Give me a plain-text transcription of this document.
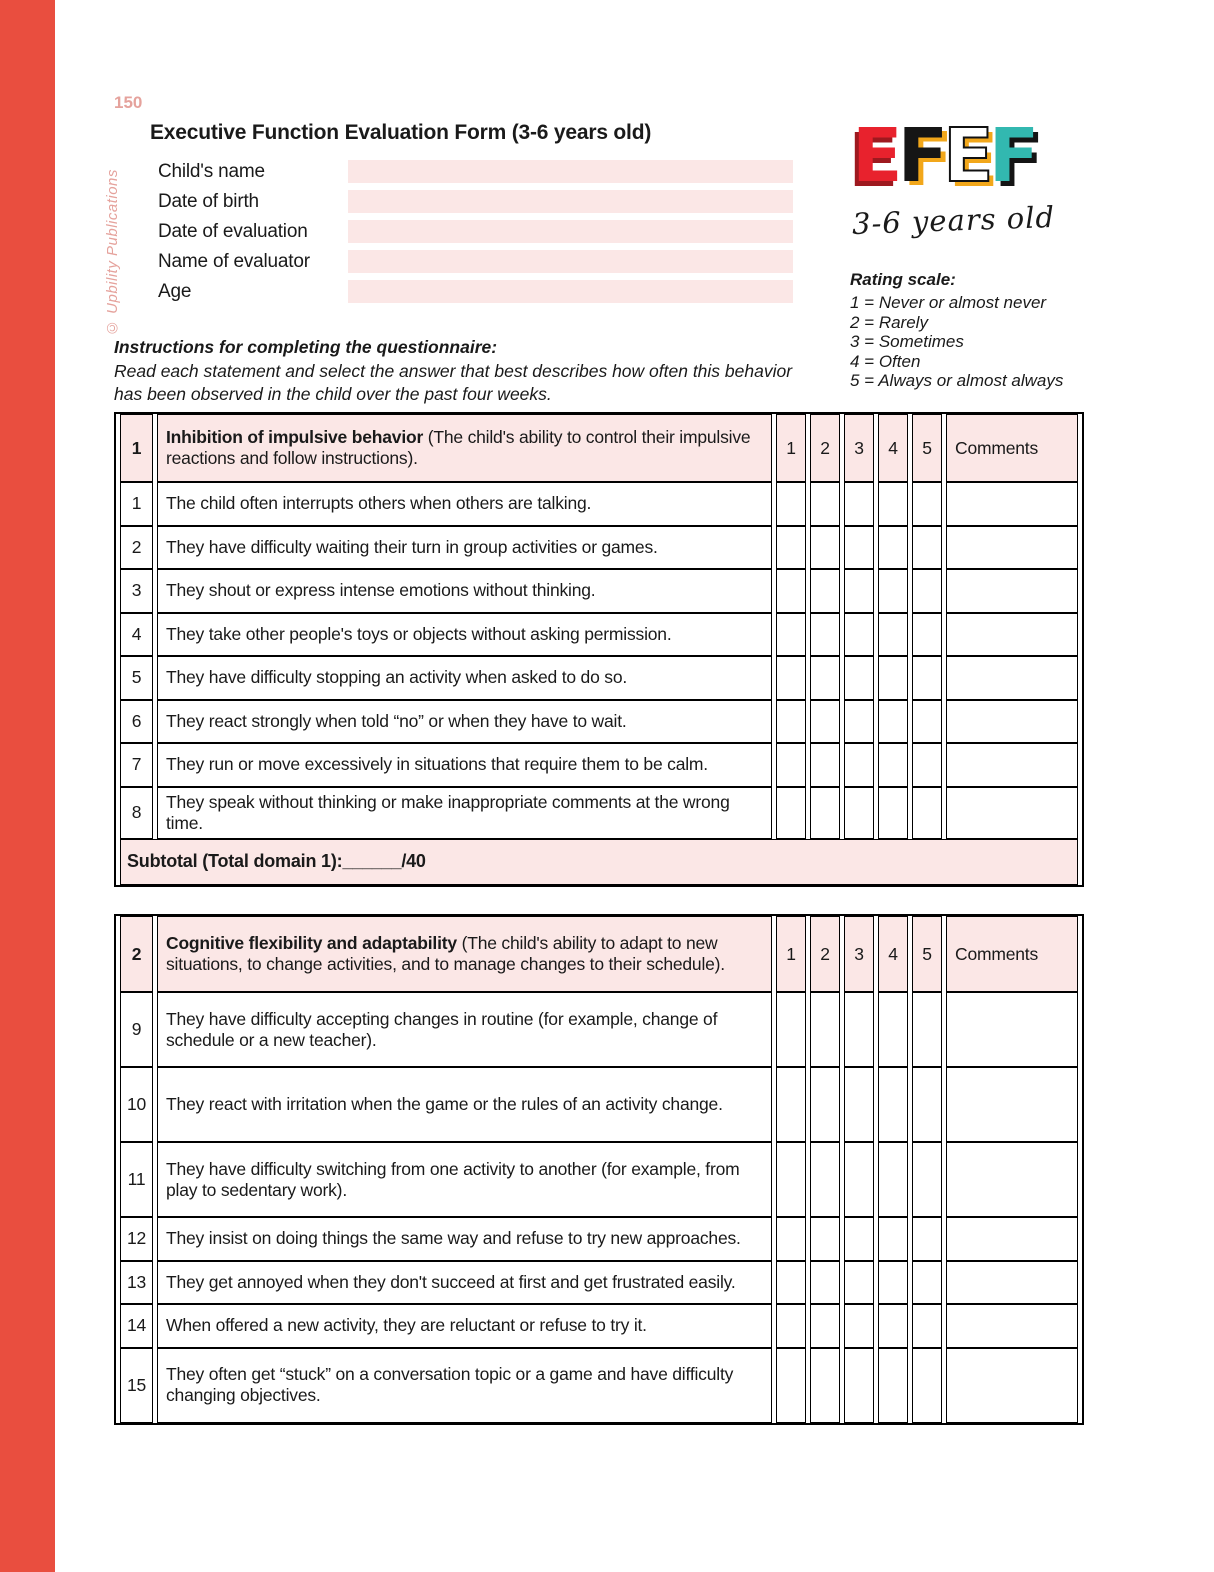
150
© Upbility Publications
Executive Function Evaluation Form (3-6 years old)
Child's name
Date of birth
Date of evaluation
Name of evaluator
Age
EFEF
3-6 years old
Rating scale:
1 = Never or almost never
2 = Rarely
3 = Sometimes
4 = Often
5 = Always or almost always
Instructions for completing the questionnaire:
Read each statement and select the answer that best describes how often this behavior has been observed in the child over the past four weeks.
1	Inhibition of impulsive behavior (The child's ability to control their impulsive reactions and follow instructions).	1	2	3	4	5	Comments
1	The child often interrupts others when others are talking.						
2	They have difficulty waiting their turn in group activities or games.						
3	They shout or express intense emotions without thinking.						
4	They take other people's toys or objects without asking permission.						
5	They have difficulty stopping an activity when asked to do so.						
6	They react strongly when told “no” or when they have to wait.						
7	They run or move excessively in situations that require them to be calm.						
8	They speak without thinking or make inappropriate comments at the wrong time.						
Subtotal (Total domain 1):______/40							
2	Cognitive flexibility and adaptability (The child's ability to adapt to new situations, to change activities, and to manage changes to their schedule).	1	2	3	4	5	Comments
9	They have difficulty accepting changes in routine (for example, change of schedule or a new teacher).						
10	They react with irritation when the game or the rules of an activity change.						
11	They have difficulty switching from one activity to another (for example, from play to sedentary work).						
12	They insist on doing things the same way and refuse to try new approaches.						
13	They get annoyed when they don't succeed at first and get frustrated easily.						
14	When offered a new activity, they are reluctant or refuse to try it.						
15	They often get “stuck” on a conversation topic or a game and have difficulty changing objectives.						
